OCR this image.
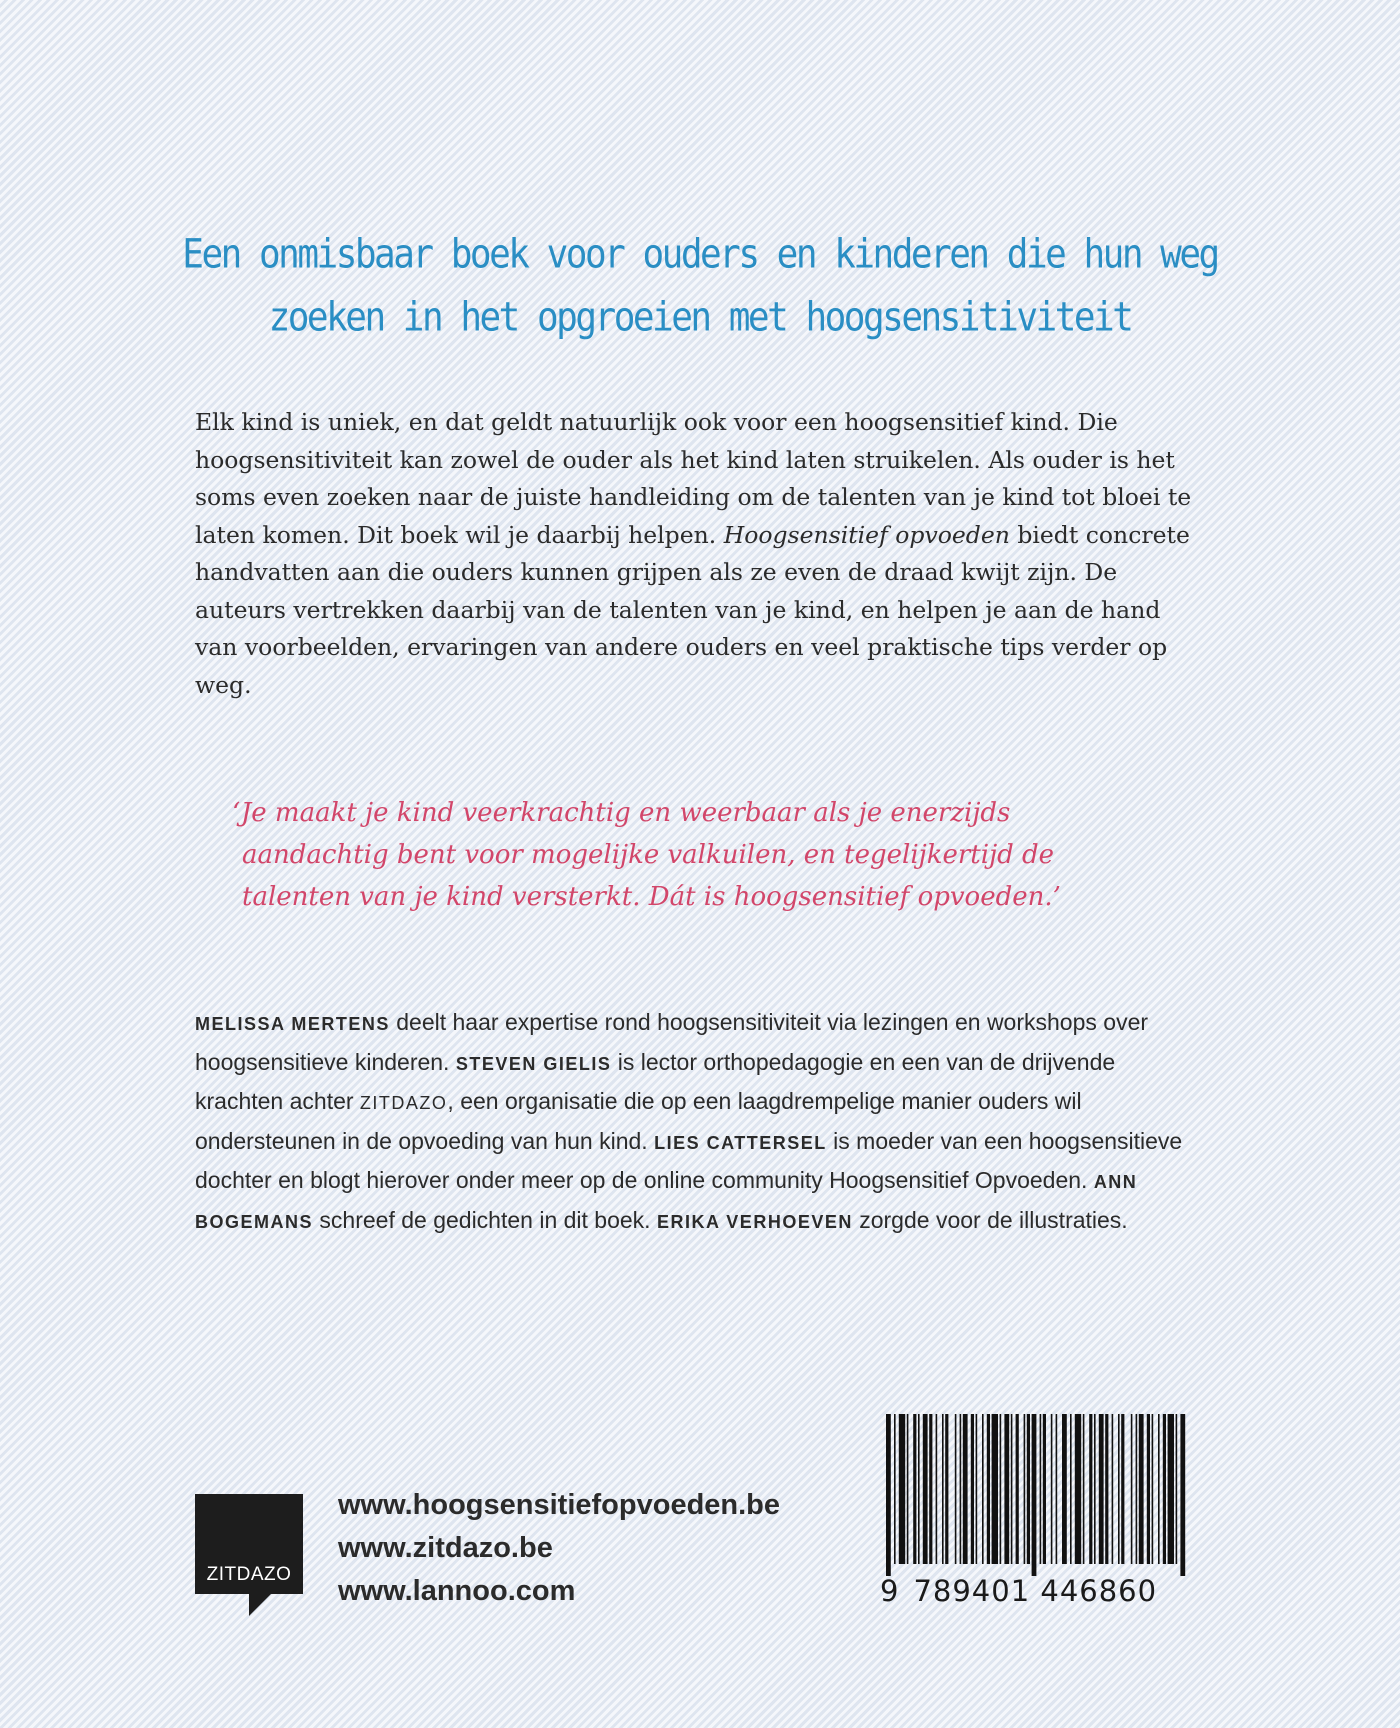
Een onmisbaar boek voor ouders en kinderen die hun weg
zoeken in het opgroeien met hoogsensitiviteit
Elk kind is uniek, en dat geldt natuurlijk ook voor een hoogsensitief kind. Die hoogsensitiviteit kan zowel de ouder als het kind laten struikelen. Als ouder is het soms even zoeken naar de juiste handleiding om de talenten van je kind tot bloei te laten komen. Dit boek wil je daarbij helpen. Hoogsensitief opvoeden biedt concrete handvatten aan die ouders kunnen grijpen als ze even de draad kwijt zijn. De auteurs vertrekken daarbij van de talenten van je kind, en helpen je aan de hand van voorbeelden, ervaringen van andere ouders en veel praktische tips verder op weg.
‘Je maakt je kind veerkrachtig en weerbaar als je enerzijds
aandachtig bent voor mogelijke valkuilen, en tegelijkertijd de
talenten van je kind versterkt. Dát is hoogsensitief opvoeden.’
MELISSA MERTENS deelt haar expertise rond hoogsensitiviteit via lezingen en workshops over hoogsensitieve kinderen. STEVEN GIELIS is lector orthopedagogie en een van de drijvende krachten achter ZITDAZO, een organisatie die op een laagdrempelige manier ouders wil ondersteunen in de opvoeding van hun kind. LIES CATTERSEL is moeder van een hoogsensitieve dochter en blogt hierover onder meer op de online community Hoogsensitief Opvoeden. ANN BOGEMANS schreef de gedichten in dit boek. ERIKA VERHOEVEN zorgde voor de illustraties.
ZITDAZO
www.hoogsensitiefopvoeden.be
www.zitdazo.be
www.lannoo.com	9 789401 446860
